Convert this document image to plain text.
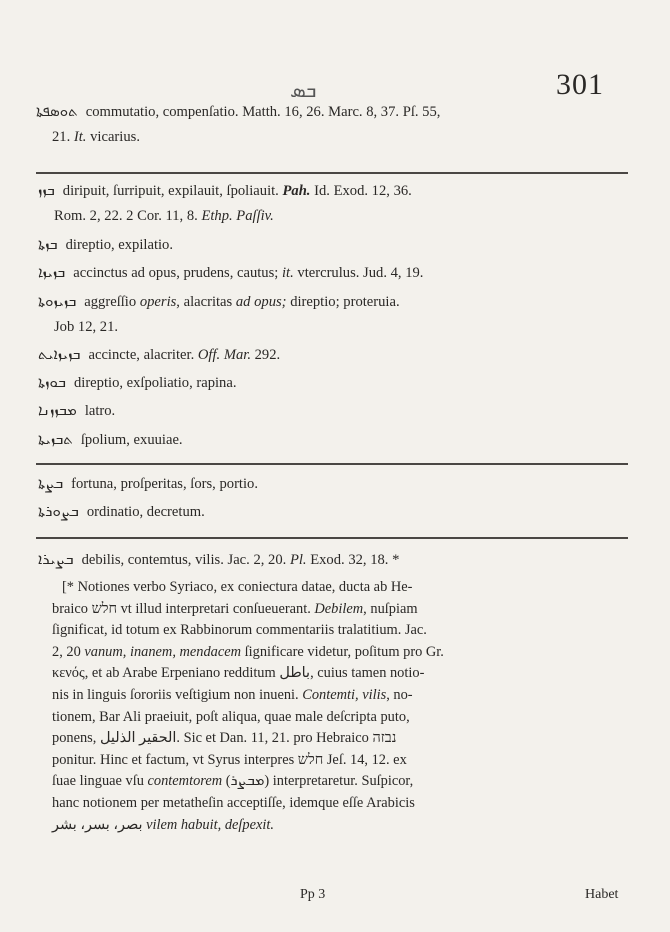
ܒܣ	301
ܬܘܣܦܬܐ commutatio, compenſatio. Matth. 16, 26. Marc. 8, 37. Pſ. 55,
21. It. vicarius.
ܒܙܙ diripuit, ſurripuit, expilauit, ſpoliauit. Pah. Id. Exod. 12, 36.
Rom. 2, 22. 2 Cor. 11, 8. Ethp. Paſſiv.
ܒܙܬܐ direptio, expilatio.
ܒܙܝܙܐ accinctus ad opus, prudens, cautus; it. vtercrulus. Jud. 4, 19.
ܒܙܝܙܘܬܐ aggreſſio operis, alacritas ad opus; direptio; proteruia.
Job 12, 21.
ܒܙܝܙܐܝܬ accincte, alacriter. Off. Mar. 292.
ܒܘܙܬܐ direptio, exſpoliatio, rapina.
ܡܒܙܙܢܐ latro.
ܬܒܙܝܬܐ ſpolium, exuuiae.
ܒܨܬܐ fortuna, proſperitas, ſors, portio.
ܒܨܘܪܬܐ ordinatio, decretum.
ܒܨܝܪܐ debilis, contemtus, vilis. Jac. 2, 20. Pl. Exod. 32, 18. *
[* Notiones verbo Syriaco, ex coniectura datae, ducta ab He-
braico חלש vt illud interpretari conſueuerant. Debilem, nuſpiam
ſignificat, id totum ex Rabbinorum commentariis tralatitium. Jac.
2, 20 vanum, inanem, mendacem ſignificare videtur, poſitum pro Gr.
κενός, et ab Arabe Erpeniano redditum باطل, cuius tamen notio-
nis in linguis ſororiis veſtigium non inueni. Contemti, vilis, no-
tionem, Bar Ali praeiuit, poſt aliqua, quae male deſcripta puto,
ponens, الحقير الذليل. Sic et Dan. 11, 21. pro Hebraico נבזה
ponitur. Hinc et factum, vt Syrus interpres חלש Jeſ. 14, 12. ex
ſuae linguae vſu contemtorem (ܡܒܨܪ) interpretaretur. Suſpicor,
hanc notionem per metatheſin acceptiſſe, idemque eſſe Arabicis
بصر، بسر، بشر vilem habuit, deſpexit.
Pp 3	Habet
